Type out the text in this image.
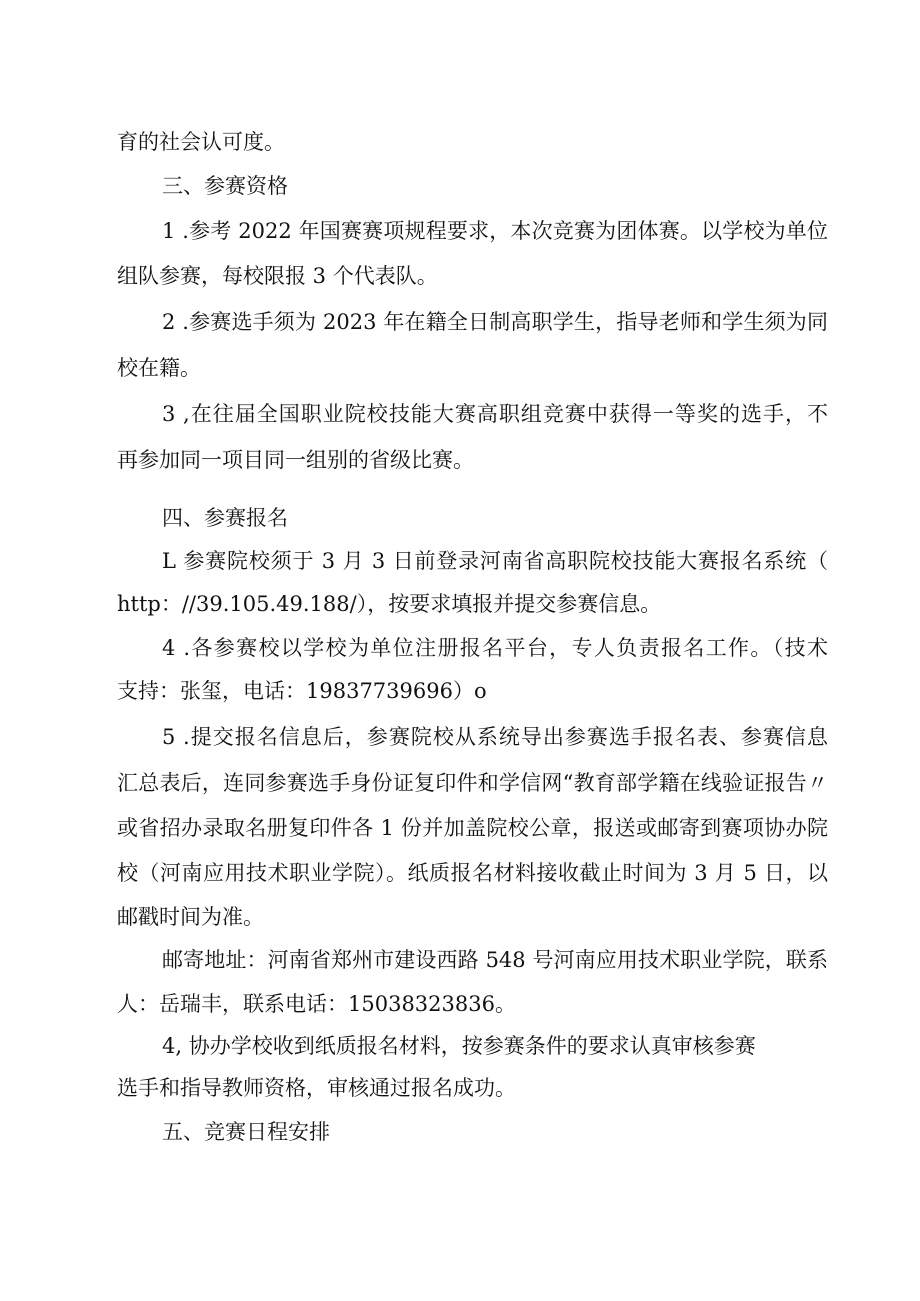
育的社会认可度。
三、参赛资格
1 .参考 2022 年国赛赛项规程要求，本次竞赛为团体赛。以学校为单位
组队参赛，每校限报 3 个代表队。
2 .参赛选手须为 2023 年在籍全日制高职学生，指导老师和学生须为同
校在籍。
3 ,在往届全国职业院校技能大赛高职组竞赛中获得一等奖的选手，不
再参加同一项目同一组别的省级比赛。
四、参赛报名
L 参赛院校须于 3 月 3 日前登录河南省高职院校技能大赛报名系统（
http：//39.105.49.188/），按要求填报并提交参赛信息。
4 .各参赛校以学校为单位注册报名平台，专人负责报名工作。（技术
支持：张玺，电话：19837739696）o
5 .提交报名信息后，参赛院校从系统导出参赛选手报名表、参赛信息
汇总表后，连同参赛选手身份证复印件和学信网“教育部学籍在线验证报告〃
或省招办录取名册复印件各 1 份并加盖院校公章，报送或邮寄到赛项协办院
校（河南应用技术职业学院）。纸质报名材料接收截止时间为 3 月 5 日，以
邮戳时间为准。
邮寄地址：河南省郑州市建设西路 548 号河南应用技术职业学院，联系
人：岳瑞丰，联系电话：15038323836。
4, 协办学校收到纸质报名材料，按参赛条件的要求认真审核参赛
选手和指导教师资格，审核通过报名成功。
五、竞赛日程安排
